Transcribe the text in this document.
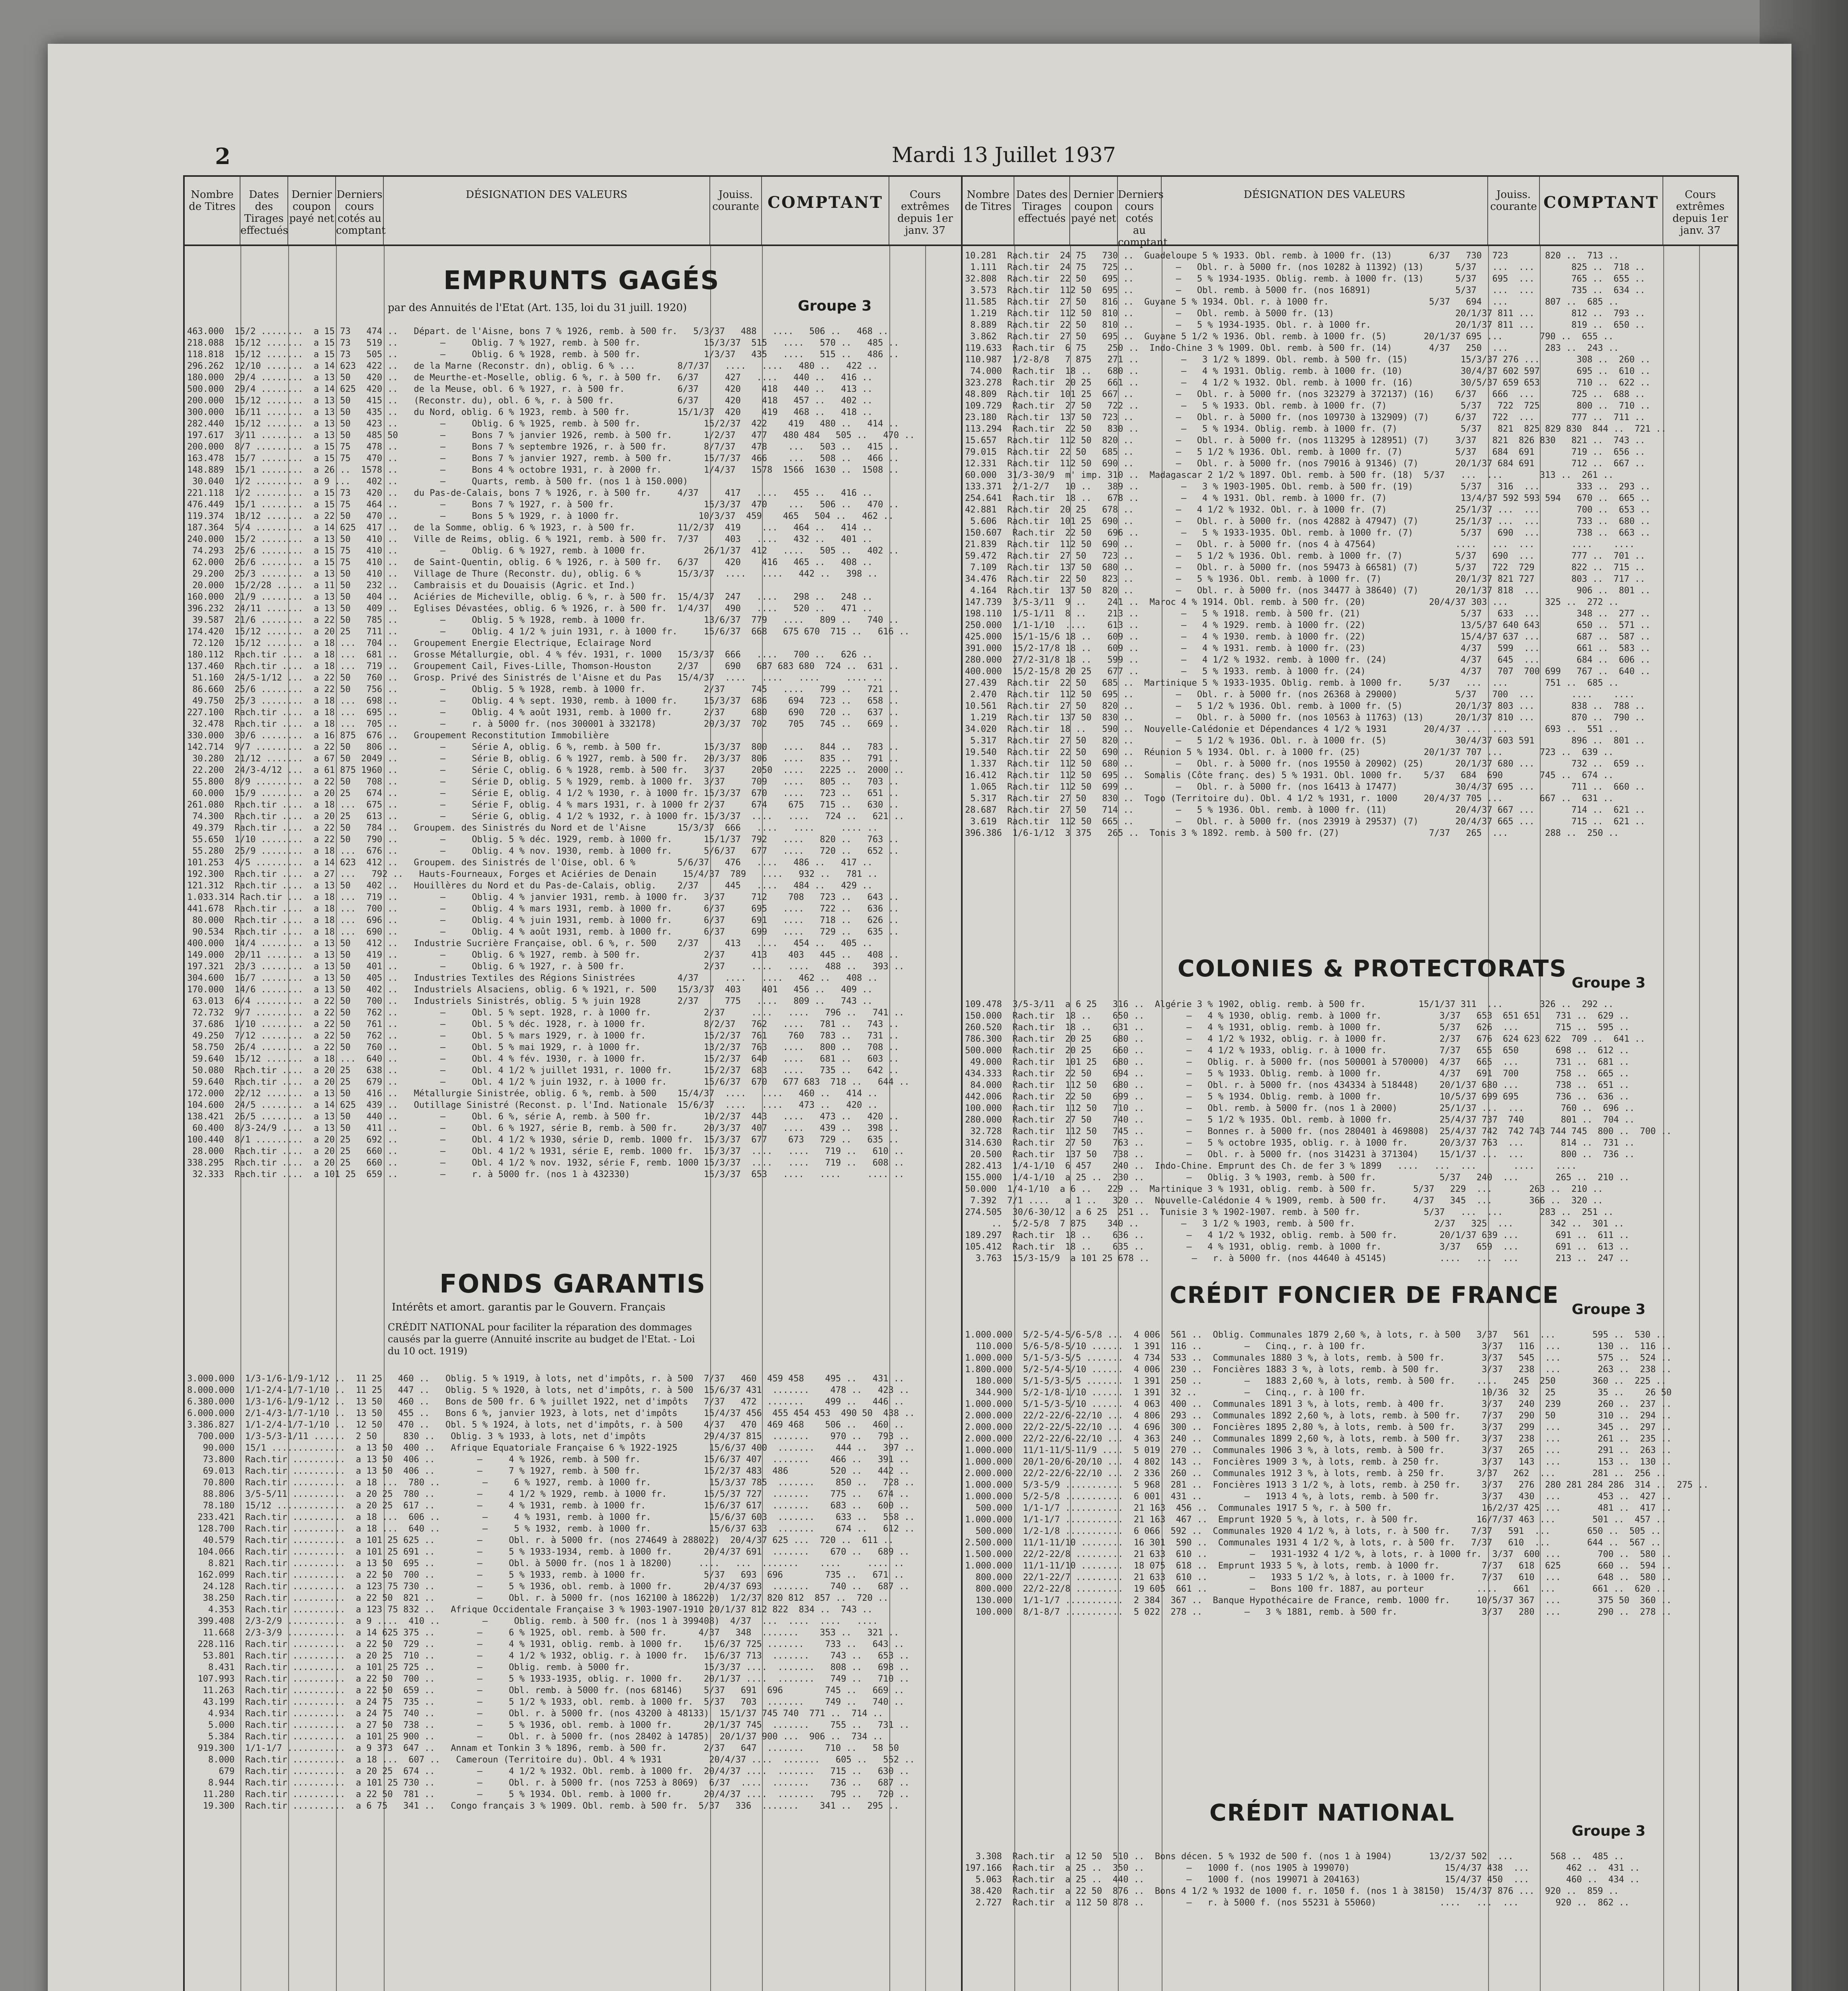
2	Mardi 13 Juillet 1937
Nombre de Titres
Dates des Tirages effectués
Dernier coupon payé net
Derniers cours cotés au comptant
DÉSIGNATION DES VALEURS	Jouiss. courante COMPTANT	Cours extrêmes depuis 1er janv. 37
EMPRUNTS GAGÉS
par des Annuités de l'Etat (Art. 135, loi du 31 juill. 1920)	Groupe 3
463.000  15/2 ........  a 15 73   474 ..   Départ. de l'Aisne, bons 7 % 1926, remb. à 500 fr.   5/3/37   488   ....   506 ..   468 ..
218.088  15/12 .......  a 15 73   519 ..        —     Oblig. 7 % 1927, remb. à 500 fr.            15/3/37  515   ....   570 ..   485 ..
118.818  15/12 .......  a 15 73   505 ..        —     Oblig. 6 % 1928, remb. à 500 fr.            1/3/37   435   ....   515 ..   486 ..
296.262  12/10 .......  a 14 623  422 ..   de la Marne (Reconstr. dn), oblig. 6 % ...        8/7/37   ....   ....   480 ..   422 ..
180.000  29/4 ........  a 13 50   420 ..   de Meurthe-et-Moselle, oblig. 6 %, r. à 500 fr.   6/37     427   ....   440 ..   416 ..
500.000  29/4 ........  a 14 625  420 ..   de la Meuse, obl. 6 % 1927, r. à 500 fr.          6/37     420    418   440 ..   413 ..
200.000  15/12 .......  a 13 50   415 ..   (Reconstr. du), obl. 6 %, r. à 500 fr.            6/37     420    418   457 ..   402 ..
300.000  16/11 .......  a 13 50   435 ..   du Nord, oblig. 6 % 1923, remb. à 500 fr.         15/1/37  420    419   468 ..   418 ..
282.440  15/12 .......  a 13 50   423 ..        —     Oblig. 6 % 1925, remb. à 500 fr.            15/2/37  422    419   480 ..   414 ..
197.617  3/11 ........  a 13 50   485 50        —     Bons 7 % janvier 1926, remb. à 500 fr.      1/2/37   477   480 484   505 ..   470 ..
200.000  8/7 .........  a 15 75   478 ..        —     Bons 7 % septembre 1926, r. à 500 fr.       8/7/37   478    ...   503 ..   415 ..
163.478  15/7 ........  a 15 75   470 ..        —     Bons 7 % janvier 1927, remb. à 500 fr.      15/7/37  466    ...   508 ..   466 ..
148.889  15/1 ........  a 26 ..  1578 ..        —     Bons 4 % octobre 1931, r. à 2000 fr.        1/4/37   1578  1566  1630 ..  1508 ..
30.040  1/2 .........  a 9 ...   402 ..        —     Quarts, remb. à 500 fr. (nos 1 à 150.000)
221.118  1/2 .........  a 15 73   420 ..   du Pas-de-Calais, bons 7 % 1926, r. à 500 fr.     4/37     417   ....   455 ..   416 ..
476.449  15/1 ........  a 15 75   464 ..        —     Bons 7 % 1927, r. à 500 fr.                 15/3/37  470    ...   506 ..   470 ..
119.374  18/12 .......  a 22 50   470 ..        —     Bons 5 % 1929, r. à 1000 fr.               10/3/37  459    465   504 ..   462 ..
187.364  5/4 .........  a 14 625  417 ..   de la Somme, oblig. 6 % 1923, r. à 500 fr.        11/2/37  419    ...   464 ..   414 ..
240.000  15/2 ........  a 13 50   410 ..   Ville de Reims, oblig. 6 % 1921, remb. à 500 fr.  7/37     403   ....   432 ..   401 ..
74.293  25/6 ........  a 15 75   410 ..        —     Oblig. 6 % 1927, remb. à 1000 fr.           26/1/37  412   ....   505 ..   402 ..
62.000  26/6 ........  a 15 75   410 ..   de Saint-Quentin, oblig. 6 % 1926, r. à 500 fr.   6/37     420    416   465 ..   408 ..
29.200  25/3 ........  a 13 50   410 ..   Village de Thure (Reconstr. du), oblig. 6 %       15/3/37  ....   ....   442 ..   398 ..
20.000  15/2/28 .....  a 11 50   232 ..   Cambraisis et du Douaisis (Agric. et Ind.)
160.000  21/9 ........  a 13 50   404 ..   Aciéries de Micheville, oblig. 6 %, r. à 500 fr.  15/4/37  247   ....   298 ..   248 ..
396.232  24/11 .......  a 13 50   409 ..   Eglises Dévastées, oblig. 6 % 1926, r. à 500 fr.  1/4/37   490   ....   520 ..   471 ..
39.587  21/6 ........  a 22 50   785 ..        —     Oblig. 5 % 1928, remb. à 1000 fr.           13/6/37  779   ....   809 ..   740 ..
174.420  15/12 .......  a 20 25   711 ..        —     Oblig. 4 1/2 % juin 1931, r. à 1000 fr.     15/6/37  668   675 670  715 ..   616 ..
72.120  15/12 .......  a 18 ...  704 ..   Groupement Energie Electrique, Eclairage Nord
180.112  Rach.tir ....  a 18 ...  681 ..   Grosse Métallurgie, obl. 4 % fév. 1931, r. 1000   15/3/37  666   ....   700 ..   626 ..
137.460  Rach.tir ....  a 18 ...  719 ..   Groupement Cail, Fives-Lille, Thomson-Houston     2/37     690   687 683 680  724 ..  631 ..
51.160  24/5-1/12 ...  a 22 50   760 ..   Grosp. Privé des Sinistrés de l'Aisne et du Pas   15/4/37  ....   ....   ....     .... ..
86.660  25/6 ........  a 22 50   756 ..        —     Oblig. 5 % 1928, remb. à 1000 fr.           2/37     745   ....   799 ..   721 ..
49.750  25/3 ........  a 18 ...  698 ..        —     Oblig. 4 % sept. 1930, remb. à 1000 fr.     15/3/37  686    694   723 ..   658 ..
227.100  Rach.tir ....  a 18 ...  695 ..        —     Oblig. 4 % août 1931, remb. à 1000 fr.      2/37     680    690   720 ..   637 ..
32.478  Rach.tir ....  a 18 ...  705 ..        —     r. à 5000 fr. (nos 300001 à 332178)         20/3/37  702    705   745 ..   669 ..
330.000  30/6 ........  a 16 875  676 ..   Groupement Reconstitution Immobilière
142.714  9/7 .........  a 22 50   806 ..        —     Série A, oblig. 6 %, remb. à 500 fr.        15/3/37  800   ....   844 ..   783 ..
30.280  21/12 .......  a 67 50  2049 ..        —     Série B, oblig. 6 % 1927, remb. à 500 fr.   20/3/37  806   ....   835 ..   791 ..
22.200  24/3-4/12 ...  a 61 875 1960 ..        —     Série C, oblig. 6 % 1928, remb. à 500 fr.   3/37     2050  ....   2225 ..  2000 ..
55.800  8/9 .........  a 22 50   708 ..        —     Série D, oblig. 5 % 1929, remb. à 1000 fr.  3/37     709   ....   805 ..   703 ..
60.000  15/9 ........  a 20 25   674 ..        —     Série E, oblig. 4 1/2 % 1930, r. à 1000 fr. 15/3/37  670   ....   723 ..   651 ..
261.080  Rach.tir ....  a 18 ...  675 ..        —     Série F, oblig. 4 % mars 1931, r. à 1000 fr 2/37     674    675   715 ..   630 ..
74.300  Rach.tir ....  a 20 25   613 ..        —     Série G, oblig. 4 1/2 % 1932, r. à 1000 fr. 15/3/37  ....   ....   724 ..   621 ..
49.379  Rach.tir ....  a 22 50   784 ..   Groupem. des Sinistrés du Nord et de l'Aisne      15/3/37  666   ....   ....     .... ..
55.650  1/10 ........  a 22 50   790 ..        —     Oblig. 5 % déc. 1929, remb. à 1000 fr.      15/1/37  792   ....   820 ..   763 ..
55.280  25/9 ........  a 18 ...  676 ..        —     Oblig. 4 % nov. 1930, remb. à 1000 fr.      5/6/37   677   ....   720 ..   652 ..
101.253  4/5 .........  a 14 623  412 ..   Groupem. des Sinistrés de l'Oise, obl. 6 %        5/6/37   476   ....   486 ..   417 ..
192.300  Rach.tir ....  a 27 ...   792 ..   Hauts-Fourneaux, Forges et Aciéries de Denain     15/4/37  789   ....   932 ..   781 ..
121.312  Rach.tir ....  a 13 50   402 ..   Houillères du Nord et du Pas-de-Calais, oblig.    2/37     445   ....   484 ..   429 ..
1.033.314 Rach.tir ...  a 18 ...  719 ..        —     Oblig. 4 % janvier 1931, remb. à 1000 fr.   3/37     712    708   723 ..   643 ..
441.678  Rach.tir ....  a 18 ...  700 ..        —     Oblig. 4 % mars 1931, remb. à 1000 fr.      6/37     695   ....   722 ..   636 ..
80.000  Rach.tir ....  a 18 ...  696 ..        —     Oblig. 4 % juin 1931, remb. à 1000 fr.      6/37     691   ....   718 ..   626 ..
90.534  Rach.tir ....  a 18 ...  690 ..        —     Oblig. 4 % août 1931, remb. à 1000 fr.      6/37     699   ....   729 ..   635 ..
400.000  14/4 ........  a 13 50   412 ..   Industrie Sucrière Française, obl. 6 %, r. 500    2/37     413   ....   454 ..   405 ..
149.000  20/11 .......  a 13 50   419 ..        —     Oblig. 6 % 1927, remb. à 500 fr.            2/37     413    403   445 ..   408 ..
197.321  23/3 ........  a 13 50   401 ..        —     Oblig. 6 % 1927, r. à 500 fr.               2/37     ....   ....   488 ..   393 ..
304.600  16/7 ........  a 13 50   405 ..   Industries Textiles des Régions Sinistrées        4/37     ....   ....   462 ..   408 ..
170.000  14/6 ........  a 13 50   402 ..   Industriels Alsaciens, oblig. 6 % 1921, r. 500    15/3/37  403    401   456 ..   409 ..
63.013  6/4 .........  a 22 50   700 ..   Industriels Sinistrés, oblig. 5 % juin 1928       2/37     775   ....   809 ..   743 ..
72.732  9/7 .........  a 22 50   762 ..        —     Obl. 5 % sept. 1928, r. à 1000 fr.          2/37     ....   ....   796 ..   741 ..
37.686  1/10 ........  a 22 50   761 ..        —     Obl. 5 % déc. 1928, r. à 1000 fr.           8/2/37   762   ....   781 ..   743 ..
49.250  7/12 ........  a 22 50   762 ..        —     Obl. 5 % mars 1929, r. à 1000 fr.           15/2/37  761    760   783 ..   731 ..
58.750  26/4 ........  a 22 50   760 ..        —     Obl. 5 % mai 1929, r. à 1000 fr.            13/2/37  763   ....   800 ..   708 ..
59.640  15/12 .......  a 18 ...  640 ..        —     Obl. 4 % fév. 1930, r. à 1000 fr.           15/2/37  640   ....   681 ..   603 ..
50.080  Rach.tir ....  a 20 25   638 ..        —     Obl. 4 1/2 % juillet 1931, r. 1000 fr.      15/2/37  683   ....   735 ..   642 ..
59.640  Rach.tir ....  a 20 25   679 ..        —     Obl. 4 1/2 % juin 1932, r. à 1000 fr.       15/6/37  670   677 683  718 ..   644 ..
172.000  22/12 .......  a 13 50   416 ..   Métallurgie Sinistrée, oblig. 6 %, remb. à 500    15/4/37  ....   ....   460 ..   414 ..
104.600  24/5 ........  a 14 625  439 ..   Outillage Sinistré (Reconst. p. l'Ind. Nationale  15/6/37  ....   ....   473 ..   420 ..
138.421  26/5 ........  a 13 50   440 ..        —     Obl. 6 %, série A, remb. à 500 fr.          10/2/37  443   ....   473 ..   420 ..
60.400  8/3-24/9 ....  a 13 50   411 ..        —     Obl. 6 % 1927, série B, remb. à 500 fr.     20/3/37  407   ....   439 ..   398 ..
100.440  8/1 .........  a 20 25   692 ..        —     Obl. 4 1/2 % 1930, série D, remb. 1000 fr.  15/3/37  677    673   729 ..   635 ..
28.000  Rach.tir ....  a 20 25   660 ..        —     Obl. 4 1/2 % 1931, série E, remb. 1000 fr.  15/3/37  ....   ....   719 ..   610 ..
338.295  Rach.tir ....  a 20 25   660 ..        —     Obl. 4 1/2 % nov. 1932, série F, remb. 1000 15/3/37  ....   ....   719 ..   608 ..
32.333  Rach.tir ....  a 101 25  659 ..        —     r. à 5000 fr. (nos 1 à 432330)              15/3/37  653   ....   ....     .... ..
FONDS GARANTIS
Intérêts et amort. garantis par le Gouvern. Français
CRÉDIT NATIONAL pour faciliter la réparation des dommages causés par la guerre (Annuité inscrite au budget de l'Etat. - Loi du 10 oct. 1919)
3.000.000  1/3-1/6-1/9-1/12 ..  11 25   460 ..   Oblig. 5 % 1919, à lots, net d'impôts, r. à 500  7/37   460  459 458    495 ..   431 ..
8.000.000  1/1-2/4-1/7-1/10 ..  11 25   447 ..   Oblig. 5 % 1920, à lots, net d'impôts, r. à 500  15/6/37 431  .......    478 ..   423 ..
6.380.000  1/3-1/6-1/9-1/12 ..  13 50   460 ..   Bons de 500 fr. 6 % juillet 1922, net d'impôts   7/37   472  .......    499 ..   446 ..
6.000.000  2/1-4/3-1/7-1/10 ..  13 50   455 ..   Bons 6 %, janvier 1923, à lots, net d'impôts     15/4/37 456  455 454 453  490 50  438 ..
3.386.827  1/1-2/4-1/7-1/10 ..  12 50   470 ..   Obl. 5 % 1924, à lots, net d'impôts, r. à 500    4/37   470  469 468    506 ..   460 ..
700.000  1/3-5/3-1/11 ......  2 50     830 ..   Oblig. 3 % 1933, à lots, net d'impôts           29/4/37 815  .......    970 ..   793 ..
90.000  15/1 ..............  a 13 50  400 ..   Afrique Equatoriale Française 6 % 1922-1925      15/6/37 400  .......    444 ..   397 ..
73.800  Rach.tir ..........  a 13 50  406 ..        —     4 % 1926, remb. à 500 fr.            15/6/37 407  .......    466 ..   391 ..
69.013  Rach.tir ..........  a 13 50  406 ..        —     7 % 1927, remb. à 500 fr.            15/2/37 483  486        520 ..   442 ..
70.800  Rach.tir ..........  a 18 ...  780 ..        —     6 % 1927, remb. à 1000 fr.           15/3/37 785  .......    850 ..   728 ..
88.806  3/5-5/11 ..........  a 20 25  780 ..        —     4 1/2 % 1929, remb. à 1000 fr.       15/5/37 727  .......    775 ..   674 ..
78.180  15/12 .............  a 20 25  617 ..        —     4 % 1931, remb. à 1000 fr.           15/6/37 617  .......    683 ..   600 ..
233.421  Rach.tir ..........  a 18 ...  606 ..        —     4 % 1931, remb. à 1000 fr.           15/6/37 603  .......    633 ..   558 ..
128.700  Rach.tir ..........  a 18 ...  640 ..        —     5 % 1932, remb. à 1000 fr.           15/6/37 633  .......    674 ..   612 ..
40.579  Rach.tir ..........  a 101 25 625 ..        —     Obl. r. à 5000 fr. (nos 274649 à 288022)  20/4/37 625 ...  720 ..  611 ..
104.066  Rach.tir ..........  a 101 25 691 ..        —     5 % 1933-1934, remb. à 1000 fr.      20/4/37 691  .......    670 ..   689 ..
8.821  Rach.tir ..........  a 13 50  695 ..        —     Obl. à 5000 fr. (nos 1 à 18200)     ....   ...  .......    ....     .... ..
162.099  Rach.tir ..........  a 22 50  700 ..        —     5 % 1933, remb. à 1000 fr.           5/37   693  696        735 ..   671 ..
24.128  Rach.tir ..........  a 123 75 730 ..        —     5 % 1936, obl. remb. à 1000 fr.      20/4/37 693  .......    740 ..   687 ..
38.250  Rach.tir ..........  a 22 50  821 ..        —     Obl. r. à 5000 fr. (nos 162100 à 186220)  1/2/37 820 812  857 ..  720 ..
4.353  Rach.tir ..........  a 123 75 832 ..   Afrique Occidentale Française 3 % 1903-1907-1910 20/1/37 812 822  834 ..  743 ..
399.408  2/3-2/9 ...........  a 9 ....  410 ..        —     Oblig. remb. à 500 fr. (nos 1 à 399408)  4/37  ...  ....  ....   ....
11.668  2/3-3/9 ...........  a 14 625 375 ..        —     6 % 1925, obl. remb. à 500 fr.      4/37   348  .......    353 ..   321 ..
228.116  Rach.tir ..........  a 22 50  729 ..        —     4 % 1931, oblig. remb. à 1000 fr.    15/6/37 725 .......    733 ..   643 ..
53.801  Rach.tir ..........  a 20 25  710 ..        —     4 1/2 % 1932, oblig. r. à 1000 fr.   15/6/37 713  .......    743 ..   653 ..
8.431  Rach.tir ..........  a 101 25 725 ..        —     Oblig. remb. à 5000 fr.              15/3/37 ....  .......   808 ..   698 ..
107.993  Rach.tir ..........  a 22 50  700 ..        —     5 % 1933-1935, oblig. r. 1000 fr.    20/1/37 ....  .......   749 ..   710 ..
11.263  Rach.tir ..........  a 22 50  659 ..        —     Obl. remb. à 5000 fr. (nos 68146)    5/37   691  696        745 ..   669 ..
43.199  Rach.tir ..........  a 24 75  735 ..        —     5 1/2 % 1933, obl. remb. à 1000 fr.  5/37   703  .......    749 ..   740 ..
4.934  Rach.tir ..........  a 24 75  740 ..        —     Obl. r. à 5000 fr. (nos 43200 à 48133)  15/1/37 745 740  771 ..  714 ..
5.000  Rach.tir ..........  a 27 50  738 ..        —     5 % 1936, obl. remb. à 1000 fr.      20/1/37 745  .......    755 ..   731 ..
5.384  Rach.tir ..........  a 101 25 900 ..        —     Obl. r. à 5000 fr. (nos 28402 à 14785)  20/1/37 900 ...  906 ..  734 ..
919.300  1/1-1/7 ...........  a 9 373  647 ..   Annam et Tonkin 3 % 1896, remb. à 500 fr.       2/37   647  .......    710 ..   58 50
8.000  Rach.tir ..........  a 18 ...  607 ..   Cameroun (Territoire du). Obl. 4 % 1931         20/4/37 ....  .......   605 ..   552 ..
679  Rach.tir ..........  a 20 25  674 ..        —     4 1/2 % 1932. Obl. remb. à 1000 fr.  20/4/37 ....  .......   715 ..   630 ..
8.944  Rach.tir ..........  a 101 25 730 ..        —     Obl. r. à 5000 fr. (nos 7253 à 8069)  6/37  ....  .......    736 ..   687 ..
11.280  Rach.tir ..........  a 22 50  781 ..        —     5 % 1934. Obl. remb. à 1000 fr.      20/4/37 ....  .......   795 ..   720 ..
19.300  Rach.tir ..........  a 6 75   341 ..   Congo français 3 % 1909. Obl. remb. à 500 fr.  5/37   336  .......    341 ..   295 ..
Nombre de Titres
Dates des Tirages effectués
Dernier coupon payé net
Derniers cours cotés au comptant
DÉSIGNATION DES VALEURS	Jouiss. courante COMPTANT	Cours extrêmes depuis 1er janv. 37
10.281  Rach.tir  24 75   730 ..  Guadeloupe 5 % 1933. Obl. remb. à 1000 fr. (13)       6/37   730  723       820 ..  713 ..
1.111  Rach.tir  24 75   725 ..        —   Obl. r. à 5000 fr. (nos 10282 à 11392) (13)      5/37   ...  ...       825 ..  718 ..
32.808  Rach.tir  22 50   695 ..        —   5 % 1934-1935. Oblig. remb. à 1000 fr. (13)      5/37   695  ...       765 ..  655 ..
3.573  Rach.tir  112 50  695 ..        —   Obl. remb. à 5000 fr. (nos 16891)                5/37   ...  ...       735 ..  634 ..
11.585  Rach.tir  27 50   816 ..  Guyane 5 % 1934. Obl. r. à 1000 fr.                   5/37   694  ...       807 ..  685 ..
1.219  Rach.tir  112 50  810 ..        —   Obl. remb. à 5000 fr. (13)                       20/1/37 811 ...       812 ..  793 ..
8.889  Rach.tir  22 50   810 ..        —   5 % 1934-1935. Obl. r. à 1000 fr.                20/1/37 811 ...       819 ..  650 ..
3.862  Rach.tir  27 50   695 ..  Guyane 5 1/2 % 1936. Obl. remb. à 1000 fr. (5)       20/1/37 695 ...       790 ..  655 ..
119.633  Rach.tir  6 75    250 ..  Indo-Chine 3 % 1909. Obl. remb. à 500 fr. (14)       4/37   250  ...       283 ..  243 ..
110.987  1/2-8/8   7 875   271 ..        —   3 1/2 % 1899. Obl. remb. à 500 fr. (15)          15/3/37 276 ...       308 ..  260 ..
74.000  Rach.tir  18 ..   680 ..        —   4 % 1931. Oblig. remb. à 1000 fr. (10)           30/4/37 602 597       695 ..  610 ..
323.278  Rach.tir  20 25   661 ..        —   4 1/2 % 1932. Obl. remb. à 1000 fr. (16)         30/5/37 659 653       710 ..  622 ..
48.809  Rach.tir  101 25  667 ..        —   Obl. r. à 5000 fr. (nos 323279 à 372137) (16)    6/37   666  ...       725 ..  688 ..
109.729  Rach.tir  27 50   722 ..        —   5 % 1933. Obl. remb. à 1000 fr. (7)              5/37   722  725       800 ..  710 ..
23.180  Rach.tir  137 50  723 ..        —   Obl. r. à 5000 fr. (nos 109730 à 132909) (7)     6/37   722  ...       777 ..  711 ..
113.294  Rach.tir  22 50   830 ..        —   5 % 1934. Oblig. remb. à 1000 fr. (7)            5/37   821  825 829 830  844 ..  721 ..
15.657  Rach.tir  112 50  820 ..        —   Obl. r. à 5000 fr. (nos 113295 à 128951) (7)     3/37   821  826 830   821 ..  743 ..
79.015  Rach.tir  22 50   685 ..        —   5 1/2 % 1936. Obl. remb. à 1000 fr. (7)          5/37   684  691       719 ..  656 ..
12.331  Rach.tir  112 50  690 ..        —   Obl. r. à 5000 fr. (nos 79016 à 91346) (7)       20/1/37 684 691       712 ..  667 ..
60.000  31/3-30/9  m' imp. 310 ..  Madagascar 2 1/2 % 1897. Obl. remb. à 500 fr. (18)  5/37   ...  ...       313 ..  261 ..
133.371  2/1-2/7   10 ..   389 ..        —   3 % 1903-1905. Obl. remb. à 500 fr. (19)         5/37   316  ...       333 ..  293 ..
254.641  Rach.tir  18 ..   678 ..        —   4 % 1931. Obl. remb. à 1000 fr. (7)              13/4/37 592 593 594   670 ..  665 ..
42.881  Rach.tir  20 25   678 ..        —   4 1/2 % 1932. Obl. r. à 1000 fr. (7)             25/1/37 ...  ...       700 ..  653 ..
5.606  Rach.tir  101 25  690 ..        —   Obl. r. à 5000 fr. (nos 42882 à 47947) (7)       25/1/37 ...  ...       733 ..  680 ..
150.607  Rach.tir  22 50   696 ..        —   5 % 1933-1935. Obl. remb. à 1000 fr. (7)         5/37   690  ...       738 ..  663 ..
21.839  Rach.tir  112 50  690 ..        —   Obl. r. à 5000 fr. (nos 4 à 47564)               ....   ...  ...       ....    ....
59.472  Rach.tir  27 50   723 ..        —   5 1/2 % 1936. Obl. remb. à 1000 fr. (7)          5/37   690  ...       777 ..  701 ..
7.109  Rach.tir  137 50  680 ..        —   Obl. r. à 5000 fr. (nos 59473 à 66581) (7)       5/37   722  729       822 ..  715 ..
34.476  Rach.tir  22 50   823 ..        —   5 % 1936. Obl. remb. à 1000 fr. (7)              20/1/37 821 727       803 ..  717 ..
4.164  Rach.tir  137 50  820 ..        —   Obl. r. à 5000 fr. (nos 34477 à 38640) (7)       20/1/37 818  ...       906 ..  801 ..
147.739  3/5-3/11  9 ..    241 ..  Maroc 4 % 1914. Obl. remb. à 500 fr. (20)            20/4/37 303 ...       325 ..  272 ..
198.110  1/5-1/11  8 ..    213 ..        —   5 % 1918. remb. à 500 fr. (21)                   5/37   633  ...       348 ..  277 ..
250.000  1/1-1/10  ....    613 ..        —   4 % 1929. remb. à 1000 fr. (22)                  13/5/37 640 643       650 ..  571 ..
425.000  15/1-15/6 18 ..   609 ..        —   4 % 1930. remb. à 1000 fr. (22)                  15/4/37 637 ...       687 ..  587 ..
391.000  15/2-17/8 18 ..   609 ..        —   4 % 1931. remb. à 1000 fr. (23)                  4/37   599  ...       661 ..  583 ..
280.000  27/2-31/8 18 ..   599 ..        —   4 1/2 % 1932. remb. à 1000 fr. (24)              4/37   645  ...       684 ..  606 ..
400.000  15/2-15/8 20 25   677 ..        —   5 % 1933. remb. à 1000 fr. (24)                  4/37   707  700 699   767 ..  640 ..
27.439  Rach.tir  22 50   685 ..  Martinique 5 % 1933-1935. Oblig. remb. à 1000 fr.     5/37   ...  ...       751 ..  685 ..
2.470  Rach.tir  112 50  695 ..        —   Obl. r. à 5000 fr. (nos 26368 à 29000)           5/37   700  ...       ....    ....
10.561  Rach.tir  27 50   820 ..        —   5 1/2 % 1936. Obl. remb. à 1000 fr. (5)          20/1/37 803 ...       838 ..  788 ..
1.219  Rach.tir  137 50  830 ..        —   Obl. r. à 5000 fr. (nos 10563 à 11763) (13)      20/1/37 810 ...       870 ..  790 ..
34.020  Rach.tir  18 ..   590 ..  Nouvelle-Calédonie et Dépendances 4 1/2 % 1931       20/4/37 ...  ...       693 ..  551 ..
5.317  Rach.tir  27 50   820 ..        —   5 1/2 % 1936. Obl. r. à 1000 fr. (5)             30/4/37 603 591       896 ..  801 ..
19.540  Rach.tir  22 50   690 ..  Réunion 5 % 1934. Obl. r. à 1000 fr. (25)            20/1/37 707 ...       723 ..  639 ..
1.337  Rach.tir  112 50  680 ..        —   Obl. r. à 5000 fr. (nos 19550 à 20902) (25)      20/1/37 680 ...       732 ..  659 ..
16.412  Rach.tir  112 50  695 ..  Somalis (Côte franç. des) 5 % 1931. Obl. 1000 fr.    5/37   684  690       745 ..  674 ..
1.065  Rach.tir  112 50  699 ..        —   Obl. r. à 5000 fr. (nos 16413 à 17477)           30/4/37 695 ...       711 ..  660 ..
5.317  Rach.tir  27 50   830 ..  Togo (Territoire du). Obl. 4 1/2 % 1931, r. 1000     20/4/37 705 ...       667 ..  631 ..
28.687  Rach.tir  27 50   714 ..        —   5 % 1936. Obl. remb. à 1000 fr. (11)             20/4/37 667 ...       714 ..  621 ..
3.619  Rach.tir  112 50  665 ..        —   Obl. r. à 5000 fr. (nos 23919 à 29537) (7)       20/4/37 665 ...       715 ..  621 ..
396.386  1/6-1/12  3 375   265 ..  Tonis 3 % 1892. remb. à 500 fr. (27)                 7/37   265  ...       288 ..  250 ..
COLONIES & PROTECTORATS
Groupe 3
109.478  3/5-3/11  a 6 25   316 ..  Algérie 3 % 1902, oblig. remb. à 500 fr.          15/1/37 311  ...       326 ..  292 ..
150.000  Rach.tir  18 ..    650 ..        —   4 % 1930, oblig. remb. à 1000 fr.           3/37   653  651 651   731 ..  629 ..
260.520  Rach.tir  18 ..    631 ..        —   4 % 1931, oblig. remb. à 1000 fr.           5/37   626  ...       715 ..  595 ..
786.300  Rach.tir  20 25    680 ..        —   4 1/2 % 1932, oblig. r. à 1000 fr.          2/37   676  624 623 622  709 ..  641 ..
500.000  Rach.tir  20 25    660 ..        —   4 1/2 % 1933, oblig. r. à 1000 fr.          7/37   655  650       698 ..  612 ..
49.000  Rach.tir  101 25   680 ..        —   Oblig. r. à 5000 fr. (nos 500001 à 570000)  4/37   665  ...       731 ..  681 ..
434.333  Rach.tir  22 50    694 ..        —   5 % 1933. Oblig. remb. à 1000 fr.           4/37   691  700       758 ..  665 ..
84.000  Rach.tir  112 50   680 ..        —   Obl. r. à 5000 fr. (nos 434334 à 518448)    20/1/37 680 ...       738 ..  651 ..
442.006  Rach.tir  22 50    699 ..        —   5 % 1934. Oblig. remb. à 1000 fr.           10/5/37 699 695       736 ..  636 ..
100.000  Rach.tir  112 50   710 ..        —   Obl. remb. à 5000 fr. (nos 1 à 2000)        25/1/37 ...  ...       760 ..  696 ..
280.000  Rach.tir  27 50    740 ..        —   5 1/2 % 1935. Obl. remb. à 1000 fr.         25/4/37 737  740       801 ..  704 ..
32.728  Rach.tir  112 50   745 ..        —   Bonnes r. à 5000 fr. (nos 280401 à 469808)  25/4/37 742  742 743 744 745  800 ..  700 ..
314.630  Rach.tir  27 50    763 ..        —   5 % octobre 1935, oblig. r. à 1000 fr.      20/3/37 763  ...       814 ..  731 ..
20.500  Rach.tir  137 50   738 ..        —   Obl. r. à 5000 fr. (nos 314231 à 371304)    15/1/37 ...  ...       800 ..  736 ..
282.413  1/4-1/10  6 457    240 ..  Indo-Chine. Emprunt des Ch. de fer 3 % 1899   ....   ...  ...       ....    ....
155.000  1/4-1/10  a 25 ..  230 ..        —   Oblig. 3 % 1903, remb. à 500 fr.            5/37   240  ...       265 ..  210 ..
50.000  1/4-1/10  a 6 ..   229 ..  Martinique 3 % 1931, oblig. remb. à 500 fr.       5/37   229  ...       263 ..  210 ..
7.392  7/1 ....   a 1 ..   320 ..  Nouvelle-Calédonie 4 % 1909, remb. à 500 fr.     4/37   345  ...       366 ..  320 ..
274.505  30/6-30/12  a 6 25  251 ..  Tunisie 3 % 1902-1907. remb. à 500 fr.            5/37   ...  ...       283 ..  251 ..
..  5/2-5/8  7 875    340 ..        —   3 1/2 % 1903, remb. à 500 fr.               2/37   325  ...       342 ..  301 ..
189.297  Rach.tir  18 ..    636 ..        —   4 1/2 % 1932, oblig. remb. à 500 fr.        20/1/37 639 ...       691 ..  611 ..
105.412  Rach.tir  18 ..    635 ..        —   4 % 1931, oblig. remb. à 1000 fr.           3/37   659  ...       691 ..  613 ..
3.763  15/3-15/9  a 101 25 678 ..        —   r. à 5000 fr. (nos 44640 à 45145)          ....   ...  ...       213 ..  247 ..
CRÉDIT FONCIER DE FRANCE
Groupe 3
1.000.000  5/2-5/4-5/6-5/8 ...  4 006  561 ..  Oblig. Communales 1879 2,60 %, à lots, r. à 500   3/37   561  ...       595 ..  530 ..
110.000  5/6-5/8-5/10 ......  1 391  116 ..        —   Cinq., r. à 100 fr.                      3/37   116  ...       130 ..  116 ..
1.000.000  5/1-5/3-5/5 .......  4 734  533 ..  Communales 1880 3 %, à lots, remb. à 500 fr.       3/37   545  ...       575 ..  524 ..
1.800.000  5/2-5/4-5/10 ......  4 006  230 ..  Foncières 1883 3 %, à lots, remb. à 500 fr.        3/37   238  ...       263 ..  238 ..
180.000  5/1-5/3-5/5 .......  1 391  250 ..        —   1883 2,60 %, à lots, remb. à 500 fr.    ....   245  250       360 ..  225 ..
344.900  5/2-1/8-1/10 ......  1 391  32 ..         —   Cinq., r. à 100 fr.                      10/36  32   25        35 ..    26 50
1.000.000  5/1-5/3-5/10 ......  4 063  400 ..  Communales 1891 3 %, à lots, remb. à 400 fr.       3/37   240  239       260 ..  237 ..
2.000.000  22/2-22/6-22/10 ...  4 806  293 ..  Communales 1892 2,60 %, à lots, remb. à 500 fr.    7/37   290  50        310 ..  294 ..
2.000.000  22/2-22/5-22/10 ...  4 696  300 ..  Foncières 1895 2,80 %, à lots, remb. à 500 fr.     3/37   299  ...       345 ..  297 ..
2.000.000  22/2-22/6-22/10 ...  4 363  240 ..  Communales 1899 2,60 %, à lots, remb. à 500 fr.    3/37   238  ...       261 ..  235 ..
1.000.000  11/1-11/5-11/9 ....  5 019  270 ..  Communales 1906 3 %, à lots, remb. à 500 fr.       3/37   265  ...       291 ..  263 ..
1.000.000  20/1-20/6-20/10 ...  4 802  143 ..  Foncières 1909 3 %, à lots, remb. à 250 fr.        3/37   143  ...       153 ..  130 ..
2.000.000  22/2-22/6-22/10 ...  2 336  260 ..  Communales 1912 3 %, à lots, remb. à 250 fr.      3/37   262  ...       281 ..  256 ..
1.000.000  5/3-5/9 ...........  5 968  281 ..  Foncières 1913 3 1/2 %, à lots, remb. à 250 fr.    3/37   276  280 281 284 286  314 ..  275 ..
1.000.000  5/2-5/8 ...........  6 001  431 ..        —   1913 4 %, à lots, remb. à 500 fr.        3/37   430  ...       453 ..  427 ..
500.000  1/1-1/7 ...........  21 163  456 ..  Communales 1917 5 %, r. à 500 fr.                 16/2/37 425 ...       481 ..  417 ..
1.000.000  1/1-1/7 ...........  21 163  467 ..  Emprunt 1920 5 %, à lots, r. à 500 fr.           16/7/37 463 ...       501 ..  457 ..
500.000  1/2-1/8 ...........  6 066  592 ..  Communales 1920 4 1/2 %, à lots, r. à 500 fr.    7/37   591  ...       650 ..  505 ..
2.500.000  11/1-11/10 ........  16 301  590 ..  Communales 1931 4 1/2 %, à lots, r. à 500 fr.   7/37   610  ...       644 ..  567 ..
1.500.000  22/2-22/8 .........  21 633  610 ..        —   1931-1932 4 1/2 %, à lots, r. à 1000 fr.  3/37  600 ...       700 ..  580 ..
1.000.000  11/1-11/10 ........  18 075  618 ..  Emprunt 1933 5 %, à lots, remb. à 1000 fr.        7/37   618  625       660 ..  594 ..
800.000  22/1-22/7 .........  21 633  610 ..        —   1933 5 1/2 %, à lots, r. à 1000 fr.     7/37   610  ...       648 ..  580 ..
800.000  22/2-22/8 .........  19 605  661 ..        —   Bons 100 fr. 1887, au porteur          ....   661  ...       661 ..  620 ..
130.000  1/1-1/7 ...........  2 384  367 ..  Banque Hypothécaire de France, remb. 1000 fr.     10/5/37 367  ...       375 50  360 ..
100.000  8/1-8/7 ...........  5 022  278 ..        —   3 % 1881, remb. à 500 fr.                3/37   280  ...       290 ..  278 ..
CRÉDIT NATIONAL
Groupe 3
3.308  Rach.tir  a 12 50  510 ..  Bons décen. 5 % 1932 de 500 f. (nos 1 à 1904)       13/2/37 502  ...       568 ..  485 ..
197.166  Rach.tir  a 25 ..  350 ..        —   1000 f. (nos 1905 à 199070)                  15/4/37 438  ...       462 ..  431 ..
5.063  Rach.tir  a 25 ..  440 ..        —   1000 f. (nos 199071 à 204163)                15/4/37 450  ...       460 ..  434 ..
38.420  Rach.tir  a 22 50  876 ..  Bons 4 1/2 % 1932 de 1000 f. r. 1050 f. (nos 1 à 38150)  15/4/37 876 ...  920 ..  859 ..
2.727  Rach.tir  a 112 50 878 ..        —   r. à 5000 f. (nos 55231 à 55060)            ....   ...  ...       920 ..  862 ..
